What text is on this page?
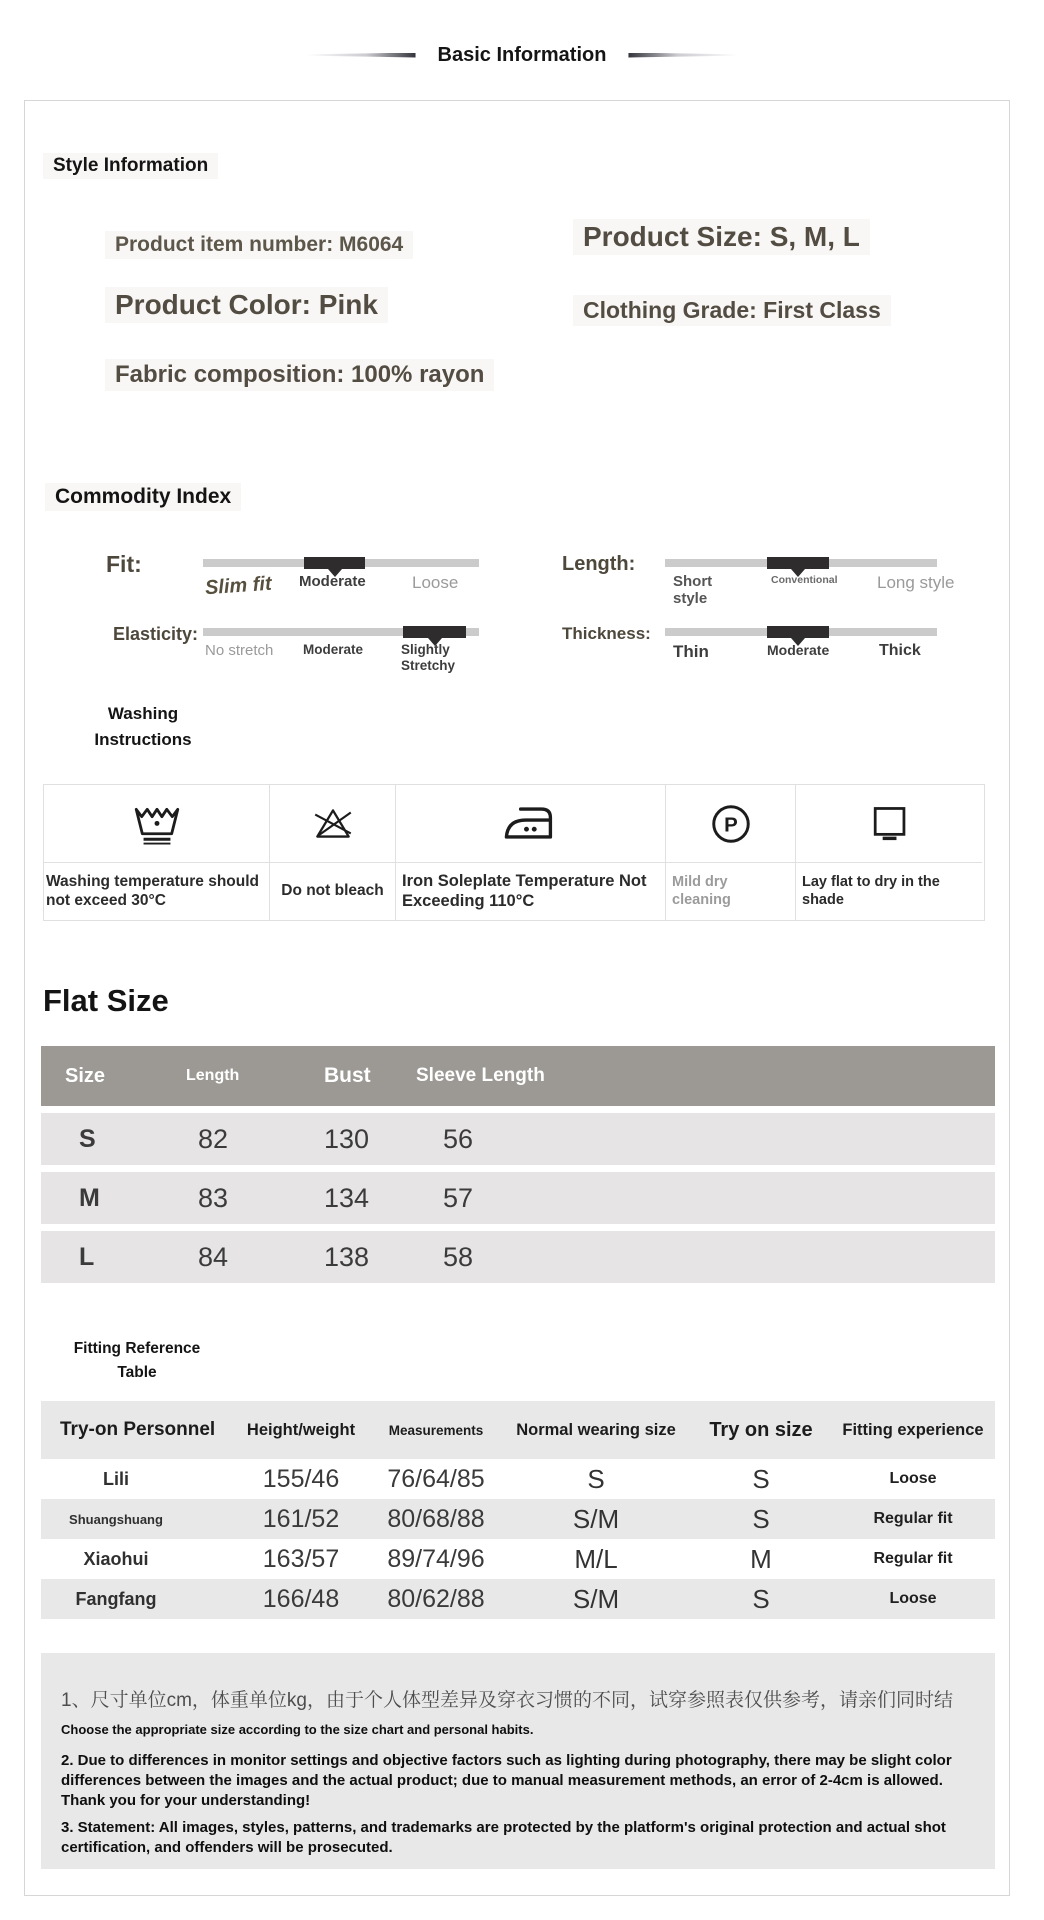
Basic Information
Style Information
Product item number: M6064	Product Size: S, M, L
Product Color: Pink	Clothing Grade: First Class
Fabric composition: 100% rayon
Commodity Index
Fit:
Slim fit Moderate	Loose
Elasticity:
No stretch Moderate	Slightly Stretchy
Length:
Short style
Conventional Long style
Thickness:
Thin	Moderate	Thick
Washing Instructions
P
Washing temperature should not exceed 30°C
Do not bleach
Iron Soleplate Temperature Not Exceeding 110°C
Mild dry cleaning
Lay flat to dry in the shade
Flat Size
Size	Length	Bust	Sleeve Length
S	82	130	56
M	83	134	57
L	84	138	58
Fitting Reference
Table
Try-on Personnel	Height/weight	Measurements	Normal wearing size	Try on size	Fitting experience
Lili	155/46	76/64/85	S	S	Loose
Shuangshuang	161/52	80/68/88	S/M	S	Regular fit
Xiaohui	163/57	89/74/96	M/L	M	Regular fit
Fangfang	166/48	80/62/88	S/M	S	Loose

1、尺寸单位cm，体重单位kg，由于个人体型差异及穿衣习惯的不同，试穿参照表仅供参考，请亲们同时结

Choose the appropriate size according to the size chart and personal habits.

2. Due to differences in monitor settings and objective factors such as lighting during photography, there may be slight color differences between the images and the actual product; due to manual measurement methods, an error of 2-4cm is allowed. Thank you for your understanding!

3. Statement: All images, styles, patterns, and trademarks are protected by the platform's original protection and actual shot certification, and offenders will be prosecuted.
